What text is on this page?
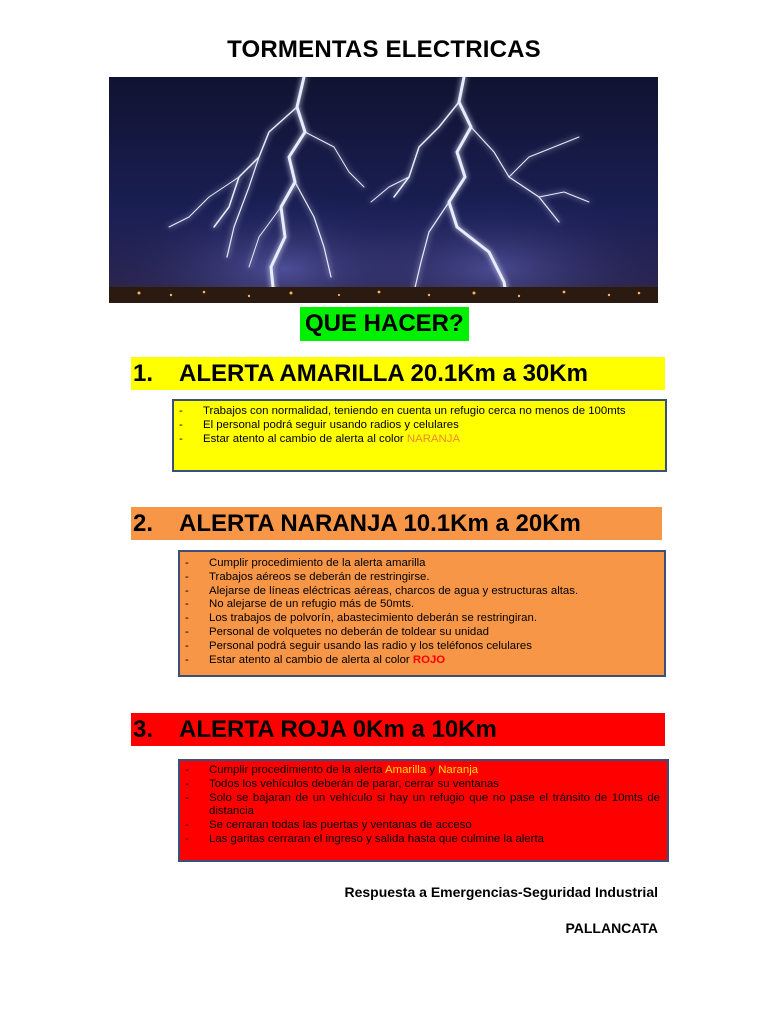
TORMENTAS ELECTRICAS
QUE HACER?
1. ALERTA AMARILLA 20.1Km a 30Km
- Trabajos con normalidad, teniendo en cuenta un refugio cerca no menos de 100mts
- El personal podrá seguir usando radios y celulares
- Estar atento al cambio de alerta al color NARANJA
2. ALERTA NARANJA 10.1Km a 20Km
- Cumplir procedimiento de la alerta amarilla
- Trabajos aéreos se deberán de restringirse.
- Alejarse de líneas eléctricas aéreas, charcos de agua y estructuras altas.
- No alejarse de un refugio más de 50mts.
- Los trabajos de polvorín, abastecimiento deberán se restringiran.
- Personal de volquetes no deberán de toldear su unidad
- Personal podrá seguir usando las radio y los teléfonos celulares
- Estar atento al cambio de alerta al color ROJO
3. ALERTA ROJA 0Km a 10Km
- Cumplir procedimiento de la alerta Amarilla y Naranja
- Todos los vehículos deberán de parar, cerrar su ventanas
- Solo se bajaran de un vehículo si hay un refugio que no pase el tránsito de 10mts de distancia
- Se cerraran todas las puertas y ventanas de acceso
- Las garitas cerraran el ingreso y salida hasta que culmine la alerta
Respuesta a Emergencias-Seguridad Industrial
PALLANCATA
